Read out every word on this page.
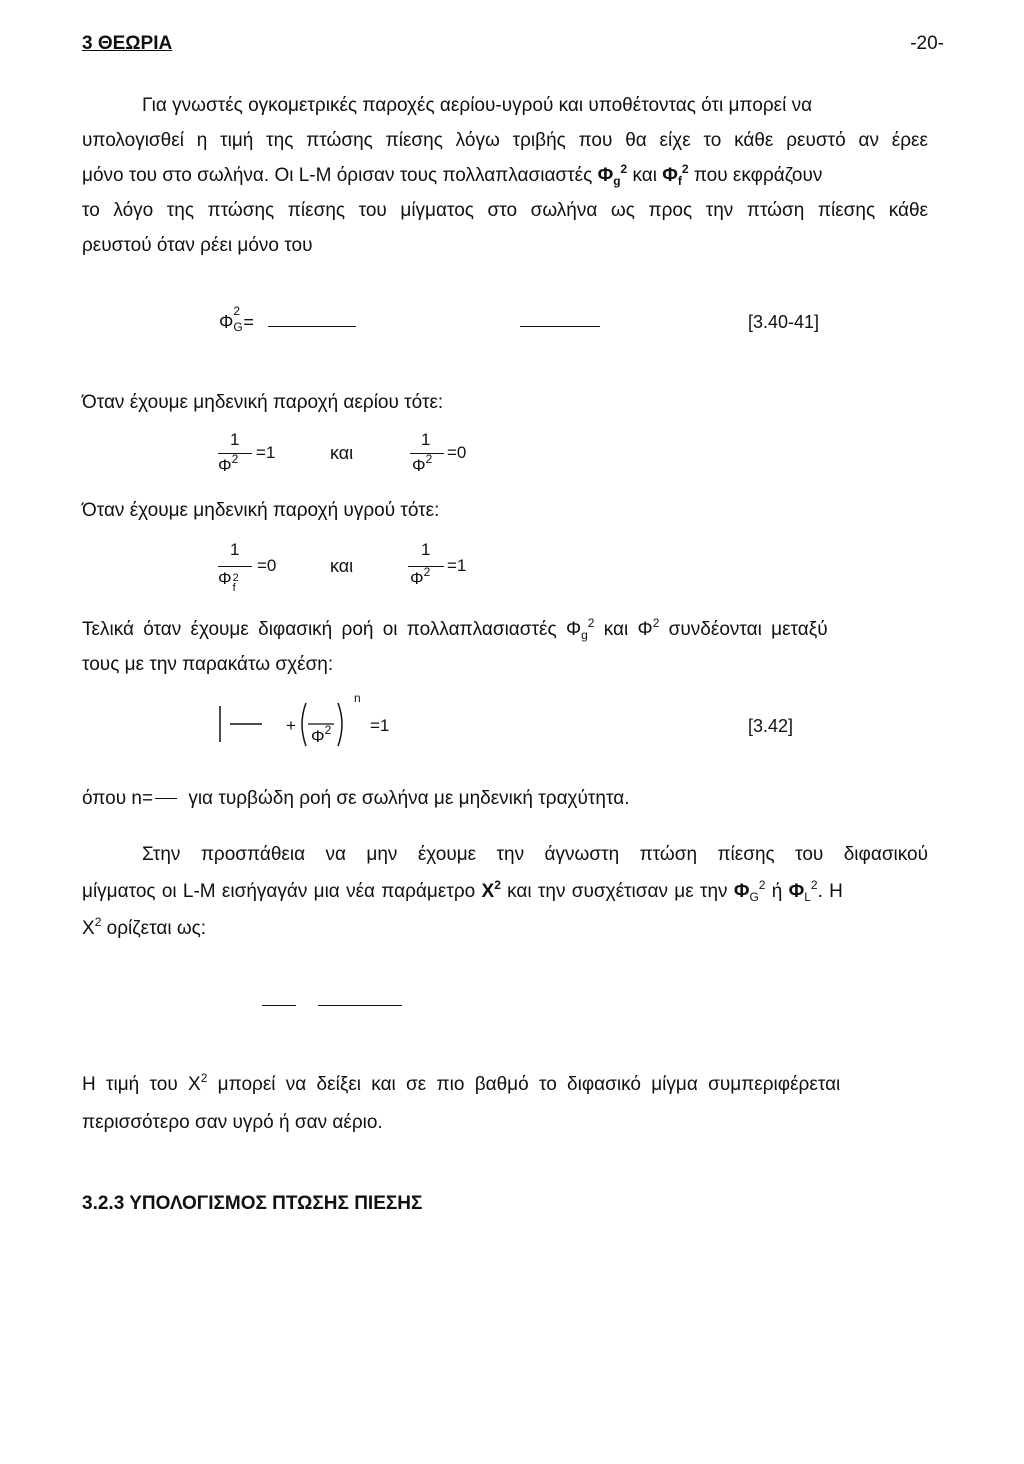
3 ΘΕΩΡΙΑ	-20-
Για γνωστές ογκομετρικές παροχές αερίου-υγρού και υποθέτοντας ότι μπορεί να
υπολογισθεί η τιμή της πτώσης πίεσης λόγω τριβής που θα είχε το κάθε ρευστό αν έρεε
μόνο του στο σωλήνα. Οι L-M όρισαν τους πολλαπλασιαστές $\Phi_g^2$ και $\Phi_f^2$ που εκφράζουν
το λόγο της πτώσης πίεσης του μίγματος στο σωλήνα ως προς την πτώση πίεσης κάθε
ρευστού όταν ρέει μόνο του
Φ
2
G =	[3.40-41]
Όταν έχουμε μηδενική παροχή αερίου τότε:
1
$\Phi^2 =1$	και
1
$\Phi^2 =0$
Όταν έχουμε μηδενική παροχή υγρού τότε:
1
Φ 2
f
=0	και
1
$\Phi^2 =1$
Τελικά όταν έχουμε διφασική ροή οι πολλαπλασιαστές $\Phi_g^2$ και $\Phi^2$ συνδέονται μεταξύ
τους με την παρακάτω σχέση:
+
$\Phi^2$
n
=1	[3.42]
όπου n= για τυρβώδη ροή σε σωλήνα με μηδενική τραχύτητα.
Στην προσπάθεια να μην έχουμε την άγνωστη πτώση πίεσης του διφασικού
μίγματος οι L-M εισήγαγάν μια νέα παράμετρο $X^2$ και την συσχέτισαν με την $\Phi_G^2$ ή $\Phi_L^2$. Η
$X^2$ ορίζεται ως:
Η τιμή του $X^2$ μπορεί να δείξει και σε πιο βαθμό το διφασικό μίγμα συμπεριφέρεται
περισσότερο σαν υγρό ή σαν αέριο.
3.2.3 ΥΠΟΛΟΓΙΣΜΟΣ ΠΤΩΣΗΣ ΠΙΕΣΗΣ
